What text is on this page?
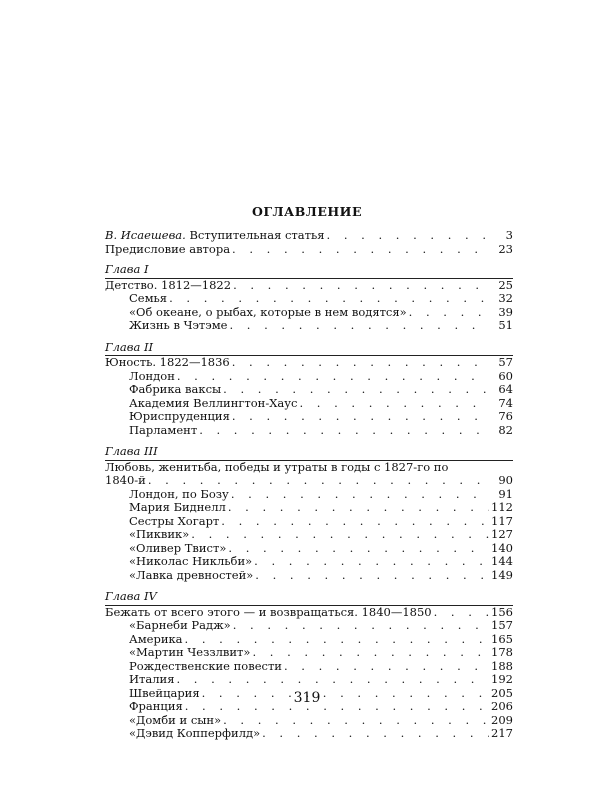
ОГЛАВЛЕНИЕ
В. Исаешева. Вступительная статья . . .	3
Предисловие автора . . .	23
Глава I
Детство. 1812—1822 . . .	25
Семья . . .	32
«Об океане, о рыбах, которые в нем водятся» . . .	39
Жизнь в Чэтэме . . .	51
Глава II
Юность. 1822—1836 . . .	57
Лондон . . .	60
Фабрика ваксы . . .	64
Академия Веллингтон-Хаус . . .	74
Юриспруденция . . .	76
Парламент . . .	82
Глава III
Любовь, женитьба, победы и утраты в годы с 1827-го по
1840-й . . .	90
Лондон, по Бозу . . .	91
Мария Биднелл . . .	112
Сестры Хогарт . . .	117
«Пиквик» . . .	127
«Оливер Твист» . . .	140
«Николас Никльби» . . .	144
«Лавка древностей» . . .	149
Глава IV
Бежать от всего этого — и возвращаться. 1840—1850 . . .	156
«Барнеби Радж» . . .	157
Америка . . .	165
«Мартин Чеззлвит» . . .	178
Рождественские повести . . .	188
Италия . . .	192
Швейцария . . .	205
Франция . . .	206
«Домби и сын» . . .	209
«Дэвид Копперфилд» . . .	217
319
